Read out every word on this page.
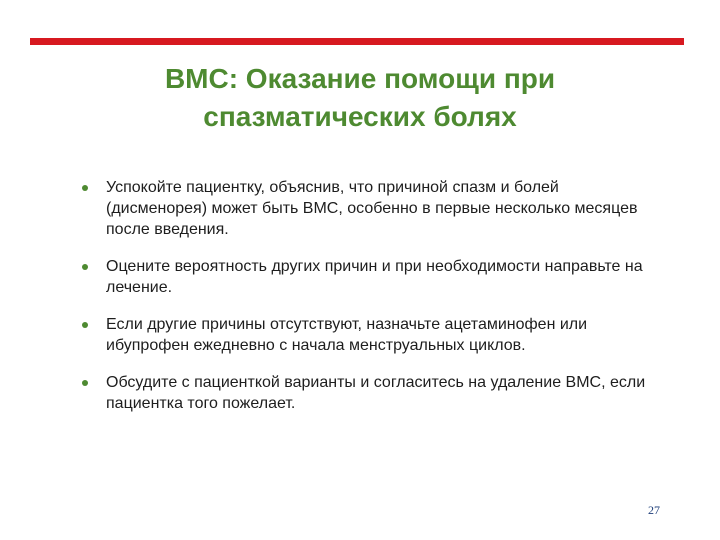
ВМС: Оказание помощи при
спазматических болях
Успокойте пациентку, объяснив, что причиной спазм и болей (дисменорея) может быть ВМС, особенно в первые несколько месяцев после введения.
Оцените вероятность других причин и при необходимости направьте на лечение.
Если другие причины отсутствуют, назначьте ацетаминофен или ибупрофен ежедневно с начала менструальных циклов.
Обсудите с пациенткой варианты и согласитесь на удаление ВМС, если пациентка того пожелает.
27
